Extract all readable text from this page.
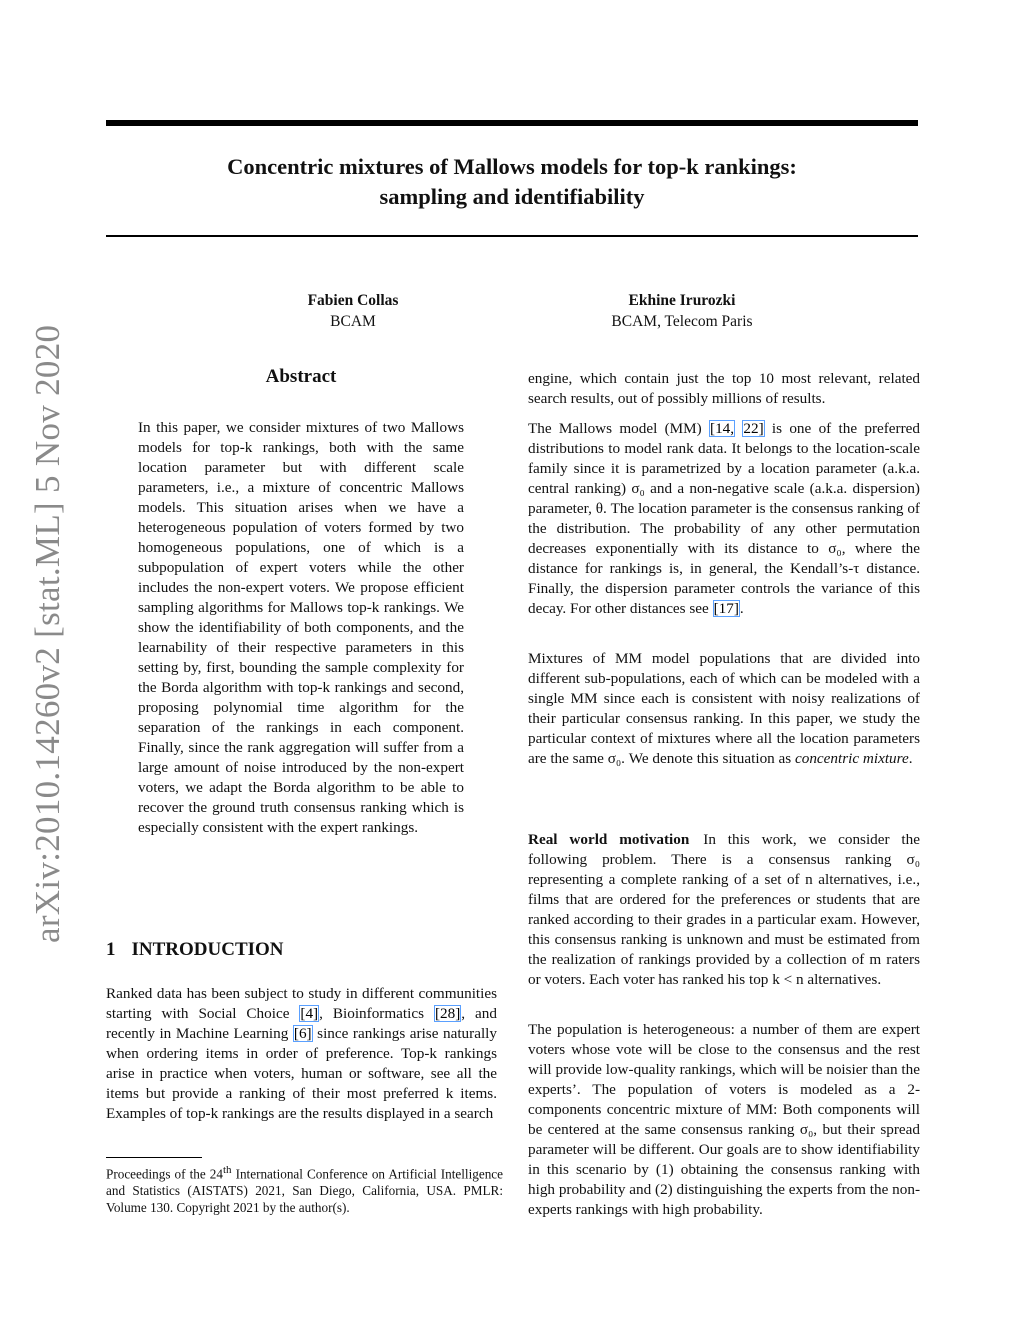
Concentric mixtures of Mallows models for top-k rankings:
sampling and identifiability
Fabien Collas
BCAM
Ekhine Irurozki
BCAM, Telecom Paris
arXiv:2010.14260v2 [stat.ML] 5 Nov 2020	Abstract
In this paper, we consider mixtures of two Mallows models for top-k rankings, both with the same location parameter but with different scale parameters, i.e., a mixture of concentric Mallows models. This situation arises when we have a heterogeneous population of voters formed by two homogeneous populations, one of which is a subpopulation of expert voters while the other includes the non-expert voters. We propose efficient sampling algorithms for Mallows top-k rankings. We show the identifiability of both components, and the learnability of their respective parameters in this setting by, first, bounding the sample complexity for the Borda algorithm with top-k rankings and second, proposing polynomial time algorithm for the separation of the rankings in each component. Finally, since the rank aggregation will suffer from a large amount of noise introduced by the non-expert voters, we adapt the Borda algorithm to be able to recover the ground truth consensus ranking which is especially consistent with the expert rankings.
1 INTRODUCTION

Ranked data has been subject to study in different communities starting with Social Choice [4], Bioinformatics [28], and recently in Machine Learning [6] since rankings arise naturally when ordering items in order of preference. Top-k rankings arise in practice when voters, human or software, see all the items but provide a ranking of their most preferred k items. Examples of top-k rankings are the results displayed in a search

Proceedings of the 24th International Conference on Artificial Intelligence and Statistics (AISTATS) 2021, San Diego, California, USA. PMLR: Volume 130. Copyright 2021 by the author(s).

engine, which contain just the top 10 most relevant, related search results, out of possibly millions of results.

The Mallows model (MM) [14, 22] is one of the preferred distributions to model rank data. It belongs to the location-scale family since it is parametrized by a location parameter (a.k.a. central ranking) σ₀ and a non-negative scale (a.k.a. dispersion) parameter, θ. The location parameter is the consensus ranking of the distribution. The probability of any other permutation decreases exponentially with its distance to σ₀, where the distance for rankings is, in general, the Kendall’s-τ distance. Finally, the dispersion parameter controls the variance of this decay. For other distances see [17].

Mixtures of MM model populations that are divided into different sub-populations, each of which can be modeled with a single MM since each is consistent with noisy realizations of their particular consensus ranking. In this paper, we study the particular context of mixtures where all the location parameters are the same σ₀. We denote this situation as concentric mixture.

Real world motivation In this work, we consider the following problem. There is a consensus ranking σ₀ representing a complete ranking of a set of n alternatives, i.e., films that are ordered for the preferences or students that are ranked according to their grades in a particular exam. However, this consensus ranking is unknown and must be estimated from the realization of rankings provided by a collection of m raters or voters. Each voter has ranked his top k < n alternatives.

The population is heterogeneous: a number of them are expert voters whose vote will be close to the consensus and the rest will provide low-quality rankings, which will be noisier than the experts’. The population of voters is modeled as a 2-components concentric mixture of MM: Both components will be centered at the same consensus ranking σ₀, but their spread parameter will be different. Our goals are to show identifiability in this scenario by (1) obtaining the consensus ranking with high probability and (2) distinguishing the experts from the non-experts rankings with high probability.
